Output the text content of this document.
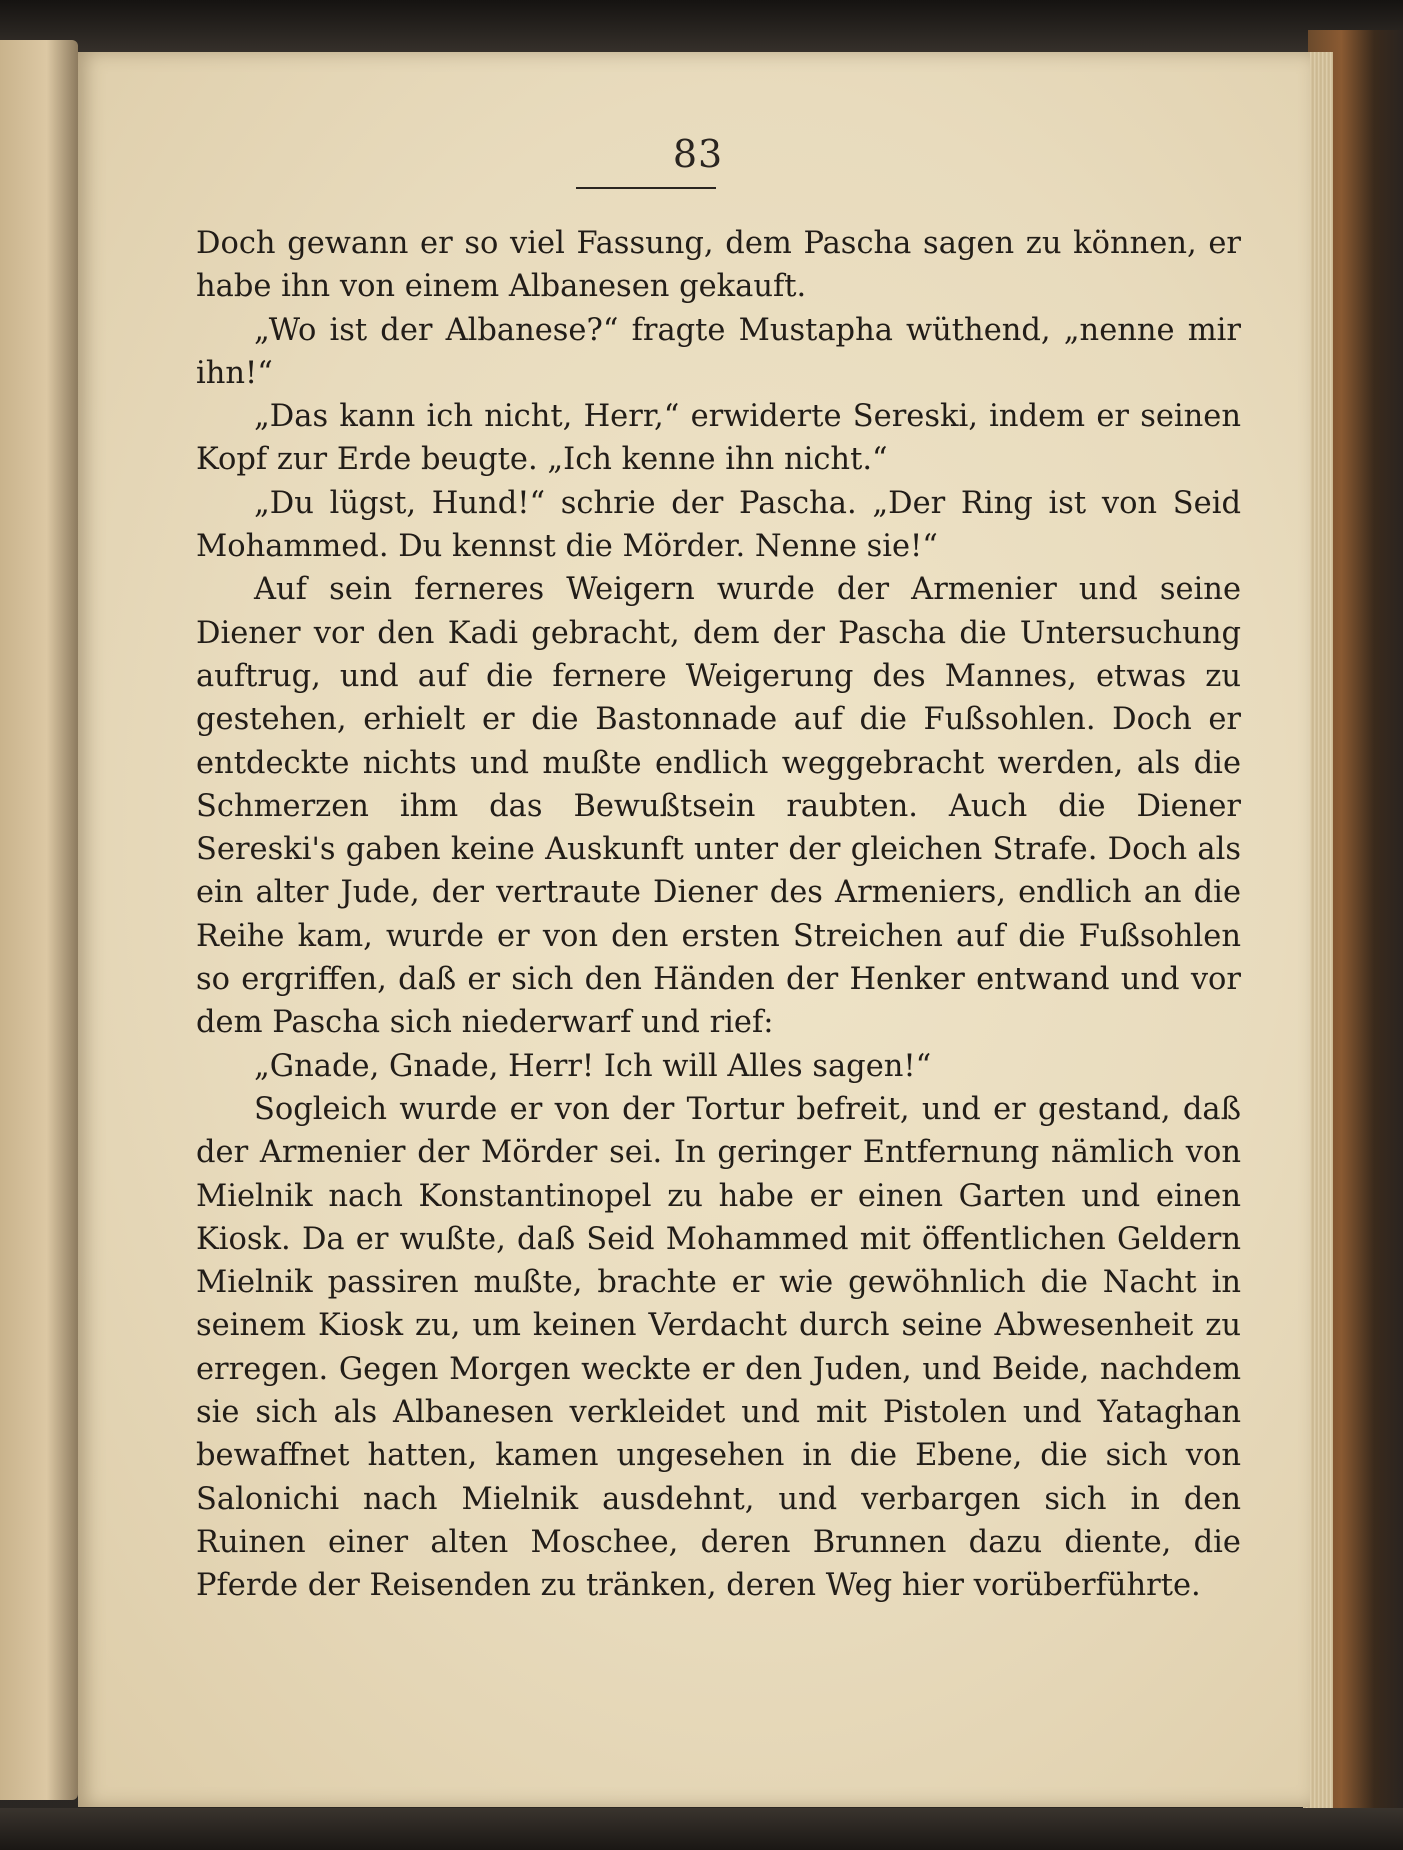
83

Doch gewann er so viel Fassung, dem Pascha sagen zu können, er habe ihn von einem Albanesen gekauft.

„Wo ist der Albanese?“ fragte Mustapha wüthend, „nenne mir ihn!“

„Das kann ich nicht, Herr,“ erwiderte Sereski, indem er seinen Kopf zur Erde beugte. „Ich kenne ihn nicht.“

„Du lügst, Hund!“ schrie der Pascha. „Der Ring ist von Seid Mohammed. Du kennst die Mörder. Nenne sie!“

Auf sein ferneres Weigern wurde der Armenier und seine Diener vor den Kadi gebracht, dem der Pascha die Untersuchung auftrug, und auf die fernere Weigerung des Mannes, etwas zu gestehen, erhielt er die Bastonnade auf die Fußsohlen. Doch er entdeckte nichts und mußte endlich weggebracht werden, als die Schmerzen ihm das Bewußtsein raubten. Auch die Diener Sereski's gaben keine Auskunft unter der gleichen Strafe. Doch als ein alter Jude, der vertraute Diener des Armeniers, endlich an die Reihe kam, wurde er von den ersten Streichen auf die Fußsohlen so ergriffen, daß er sich den Händen der Henker entwand und vor dem Pascha sich niederwarf und rief:

„Gnade, Gnade, Herr! Ich will Alles sagen!“

Sogleich wurde er von der Tortur befreit, und er gestand, daß der Armenier der Mörder sei. In geringer Entfernung nämlich von Mielnik nach Konstantinopel zu habe er einen Garten und einen Kiosk. Da er wußte, daß Seid Mohammed mit öffentlichen Geldern Mielnik passiren mußte, brachte er wie gewöhnlich die Nacht in seinem Kiosk zu, um keinen Verdacht durch seine Abwesenheit zu erregen. Gegen Morgen weckte er den Juden, und Beide, nachdem sie sich als Albanesen verkleidet und mit Pistolen und Yataghan bewaffnet hatten, kamen ungesehen in die Ebene, die sich von Salonichi nach Mielnik ausdehnt, und verbargen sich in den Ruinen einer alten Moschee, deren Brunnen dazu diente, die Pferde der Reisenden zu tränken, deren Weg hier vorüberführte.
